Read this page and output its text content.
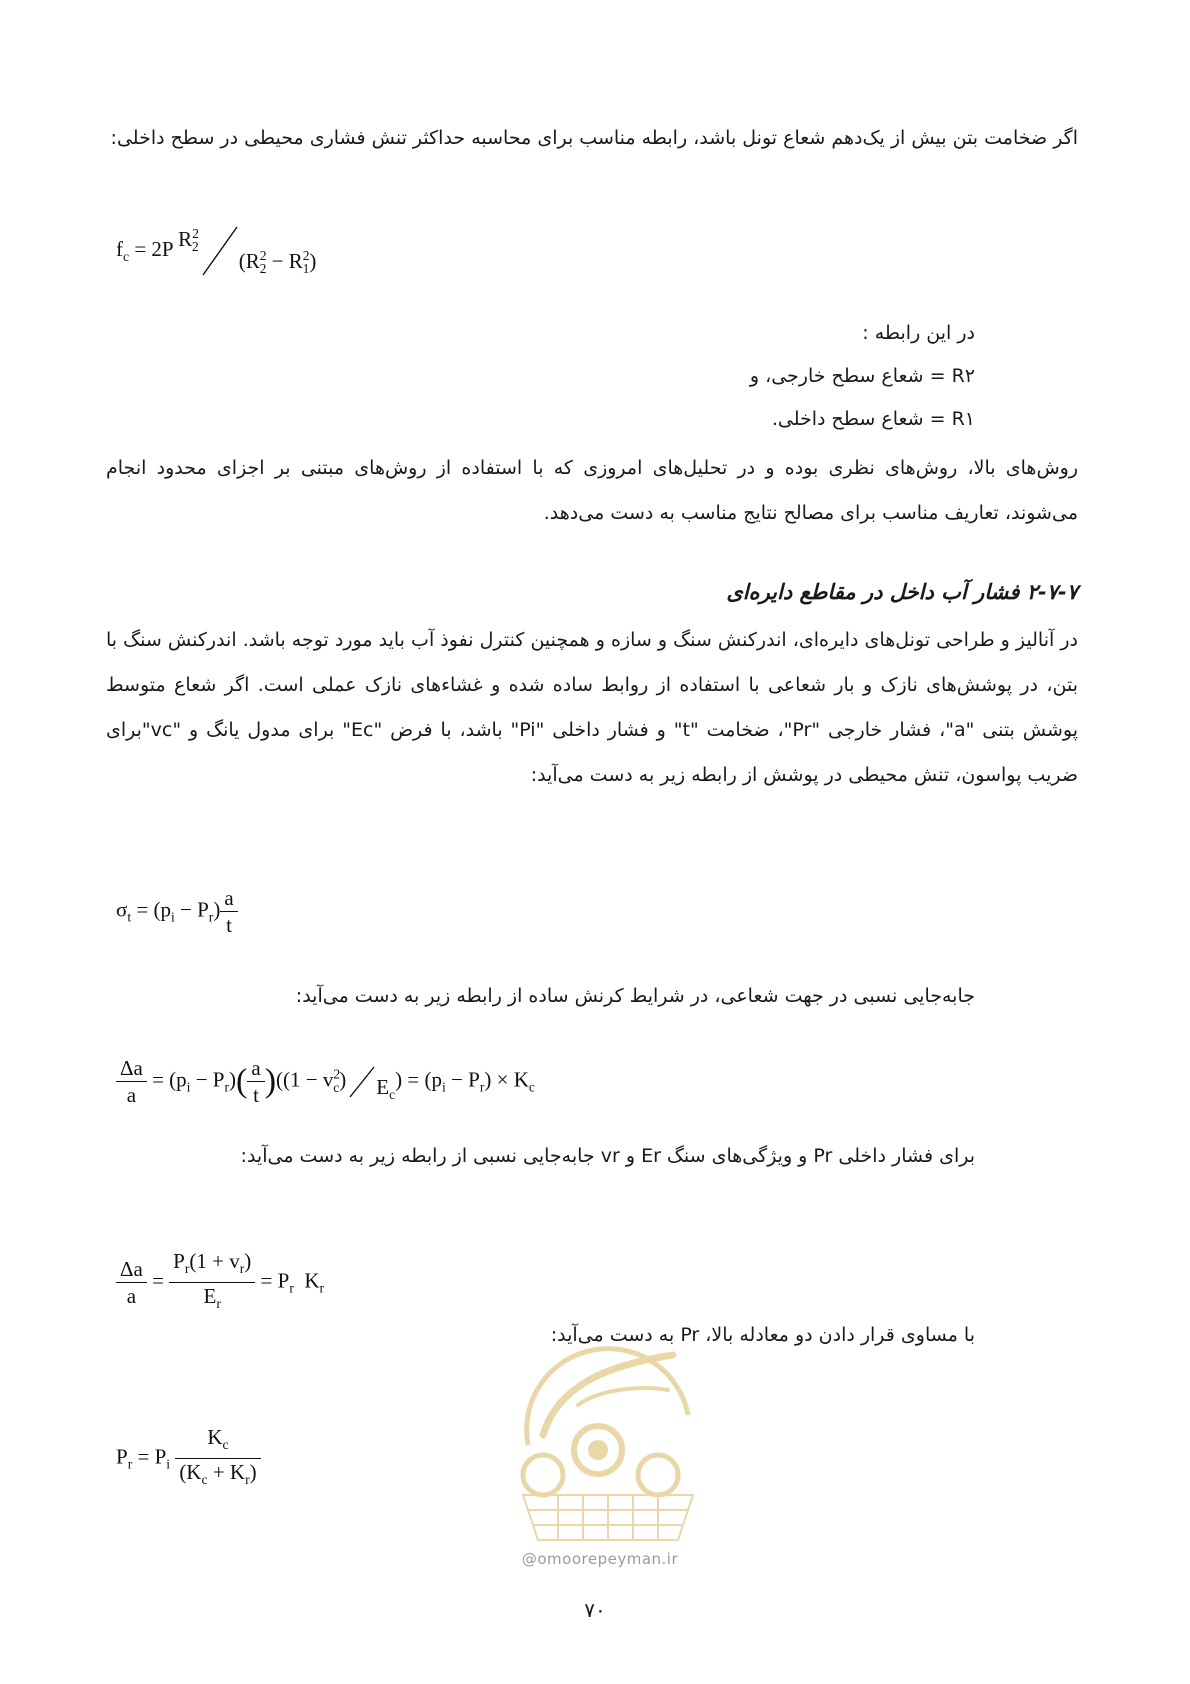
اگر ضخامت بتن بیش از یک‌دهم شعاع تونل باشد، رابطه مناسب برای محاسبه حداکثر تنش فشاری محیطی در سطح داخلی:
$f_c = 2P$ $R^2_2(R^2_2 - R^2_1)$
در این رابطه :
R۲ = شعاع سطح خارجی، و
R۱ = شعاع سطح داخلی.
روش‌های بالا، روش‌های نظری بوده و در تحلیل‌های امروزی که با استفاده از روش‌های مبتنی بر اجزای محدود انجام می‌شوند، تعاریف مناسب برای مصالح نتایج مناسب به دست می‌دهد.
۲-۷-۷ فشار آب داخل در مقاطع دایره‌ای
در آنالیز و طراحی تونل‌های دایره‌ای، اندرکنش سنگ و سازه و همچنین کنترل نفوذ آب باید مورد توجه باشد. اندرکنش سنگ با بتن، در پوشش‌های نازک و بار شعاعی با استفاده از روابط ساده شده و غشاءهای نازک عملی است. اگر شعاع متوسط پوشش بتنی "a"، فشار خارجی "Pr"، ضخامت "t" و فشار داخلی "Pi" باشد، با فرض "Ec" برای مدول یانگ و "vc"برای ضریب پواسون، تنش محیطی در پوشش از رابطه زیر به دست می‌آید:
$\sigma_t = (p_i - P_r) \frac{a}{t}$
جابه‌جایی نسبی در جهت شعاعی، در شرایط کرنش ساده از رابطه زیر به دست می‌آید:
$\frac{\Delta a}{a} = (p_i - P_r)( \frac{a}{t} )((1 - v^2_c) E_c) = (p_i - P_r) \times K_c$
برای فشار داخلی Pr و ویژگی‌های سنگ Er و vr جابه‌جایی نسبی از رابطه زیر به دست می‌آید:
$\frac{\Delta a}{a} = \frac{P_r(1 + v_r)}{E_r} = P_r$  $K_r$
با مساوی قرار دادن دو معادله بالا، Pr به دست می‌آید:
$P_r = P_i \frac{K_c}{(K_c + K_r)}$
@omoorepeyman.ir
۷۰
